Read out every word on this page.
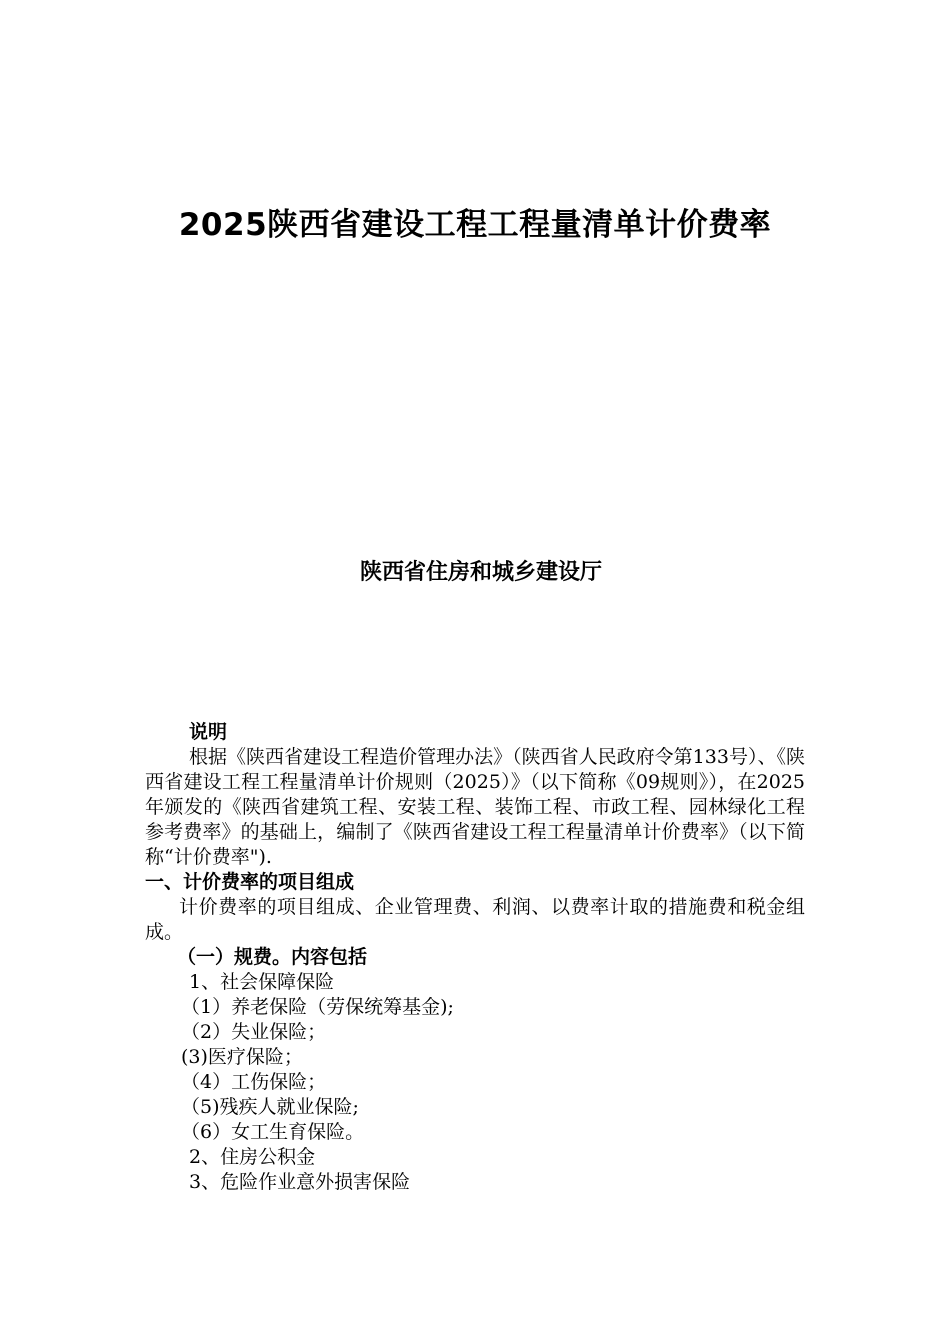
2025陕西省建设工程工程量清单计价费率
陕西省住房和城乡建设厅
说明
根据《陕西省建设工程造价管理办法》（陕西省人民政府令第133号）、《陕西省建设工程工程量清单计价规则（2025）》（以下简称《09规则》），在2025年颁发的《陕西省建筑工程、安装工程、装饰工程、市政工程、园林绿化工程参考费率》的基础上，编制了《陕西省建设工程工程量清单计价费率》（以下简称“计价费率").
一、计价费率的项目组成
计价费率的项目组成、企业管理费、利润、以费率计取的措施费和税金组成。
（一）规费。内容包括
1、社会保障保险
（1）养老保险（劳保统筹基金);
（2）失业保险；
(3)医疗保险；
（4）工伤保险；
（5)残疾人就业保险;
（6）女工生育保险。
2、住房公积金
3、危险作业意外损害保险
